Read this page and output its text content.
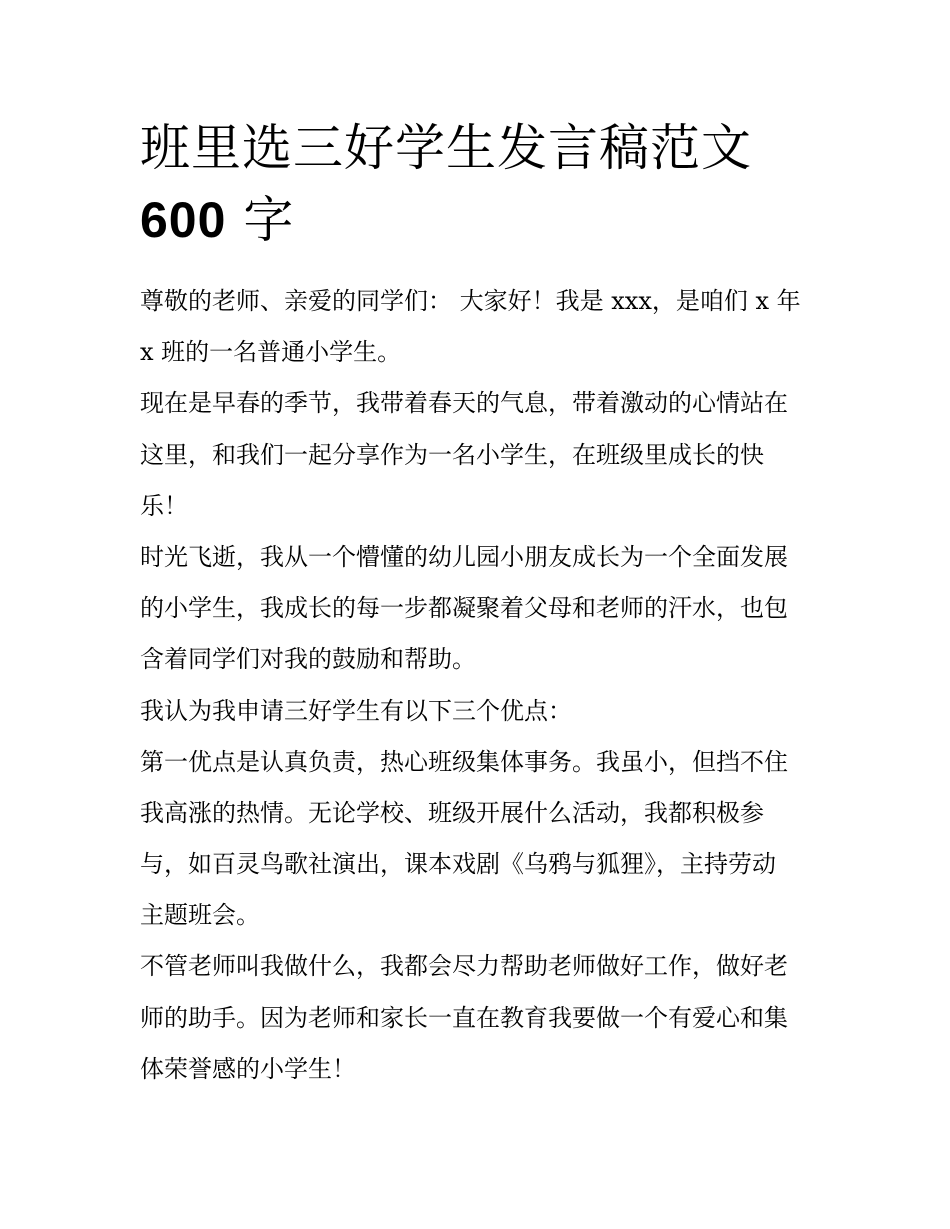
班里选三好学生发言稿范文
600 字
尊敬的老师、亲爱的同学们： 大家好！我是 xxx，是咱们 x 年
x 班的一名普通小学生。
现在是早春的季节，我带着春天的气息，带着激动的心情站在
这里，和我们一起分享作为一名小学生，在班级里成长的快
乐！
时光飞逝，我从一个懵懂的幼儿园小朋友成长为一个全面发展
的小学生，我成长的每一步都凝聚着父母和老师的汗水，也包
含着同学们对我的鼓励和帮助。
我认为我申请三好学生有以下三个优点：
第一优点是认真负责，热心班级集体事务。我虽小，但挡不住
我高涨的热情。无论学校、班级开展什么活动，我都积极参
与，如百灵鸟歌社演出，课本戏剧《乌鸦与狐狸》，主持劳动
主题班会。
不管老师叫我做什么，我都会尽力帮助老师做好工作，做好老
师的助手。因为老师和家长一直在教育我要做一个有爱心和集
体荣誉感的小学生！
